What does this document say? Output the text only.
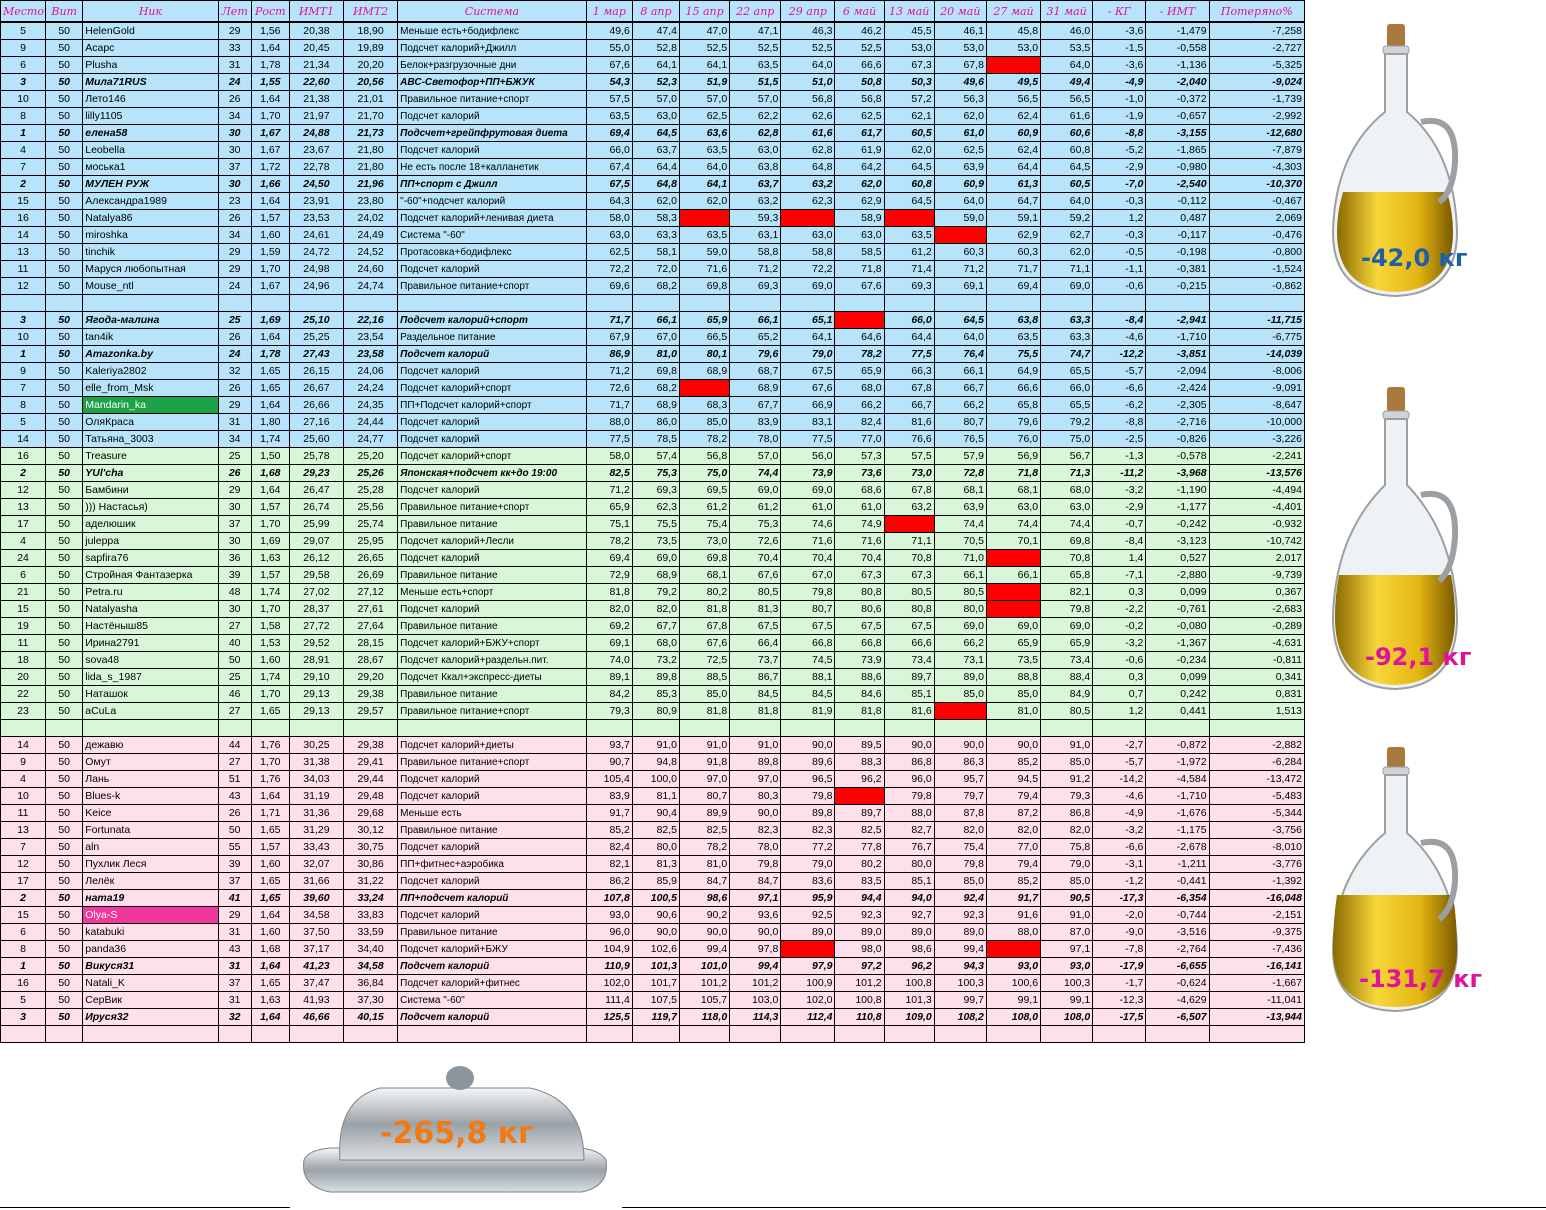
Место	Вит	Ник	Лет	Рост	ИМТ1	ИМТ2	Система	1 мар	8 апр	15 апр	22 апр	29 апр	6 май	13 май	20 май	27 май	31 май	- КГ	- ИМТ	Потеряно%
5	50	HelenGold	29	1,56	20,38	18,90	Меньше есть+бодифлекс	49,6	47,4	47,0	47,1	46,3	46,2	45,5	46,1	45,8	46,0	-3,6	-1,479	-7,258
9	50	Асарс	33	1,64	20,45	19,89	Подсчет калорий+Джилл	55,0	52,8	52,5	52,5	52,5	52,5	53,0	53,0	53,0	53,5	-1,5	-0,558	-2,727
6	50	Plusha	31	1,78	21,34	20,20	Белок+разгрузочные дни	67,6	64,1	64,1	63,5	64,0	66,6	67,3	67,8		64,0	-3,6	-1,136	-5,325
3	50	Мила71RUS	24	1,55	22,60	20,56	АВС-Светофор+ПП+БЖУК	54,3	52,3	51,9	51,5	51,0	50,8	50,3	49,6	49,5	49,4	-4,9	-2,040	-9,024
10	50	Лето146	26	1,64	21,38	21,01	Правильное питание+спорт	57,5	57,0	57,0	57,0	56,8	56,8	57,2	56,3	56,5	56,5	-1,0	-0,372	-1,739
8	50	lilly1105	34	1,70	21,97	21,70	Подсчет калорий	63,5	63,0	62,5	62,2	62,6	62,5	62,1	62,0	62,4	61,6	-1,9	-0,657	-2,992
1	50	елена58	30	1,67	24,88	21,73	Подсчет+грейпфрутовая диета	69,4	64,5	63,6	62,8	61,6	61,7	60,5	61,0	60,9	60,6	-8,8	-3,155	-12,680
4	50	Leobella	30	1,67	23,67	21,80	Подсчет калорий	66,0	63,7	63,5	63,0	62,8	61,9	62,0	62,5	62,4	60,8	-5,2	-1,865	-7,879
7	50	моська1	37	1,72	22,78	21,80	Не есть после 18+калланетик	67,4	64,4	64,0	63,8	64,8	64,2	64,5	63,9	64,4	64,5	-2,9	-0,980	-4,303
2	50	МУЛЕН РУЖ	30	1,66	24,50	21,96	ПП+спорт с Джилл	67,5	64,8	64,1	63,7	63,2	62,0	60,8	60,9	61,3	60,5	-7,0	-2,540	-10,370
15	50	Александра1989	23	1,64	23,91	23,80	"-60"+подсчет калорий	64,3	62,0	62,0	63,2	62,3	62,9	64,5	64,0	64,7	64,0	-0,3	-0,112	-0,467
16	50	Natalya86	26	1,57	23,53	24,02	Подсчет калорий+ленивая диета	58,0	58,3		59,3		58,9		59,0	59,1	59,2	1,2	0,487	2,069
14	50	miroshka	34	1,60	24,61	24,49	Система "-60"	63,0	63,3	63,5	63,1	63,0	63,0	63,5		62,9	62,7	-0,3	-0,117	-0,476
13	50	tinchik	29	1,59	24,72	24,52	Протасовка+бодифлекс	62,5	58,1	59,0	58,8	58,8	58,5	61,2	60,3	60,3	62,0	-0,5	-0,198	-0,800
11	50	Маруся любопытная	29	1,70	24,98	24,60	Подсчет калорий	72,2	72,0	71,6	71,2	72,2	71,8	71,4	71,2	71,7	71,1	-1,1	-0,381	-1,524
12	50	Mouse_ntl	24	1,67	24,96	24,74	Правильное питание+спорт	69,6	68,2	69,8	69,3	69,0	67,6	69,3	69,1	69,4	69,0	-0,6	-0,215	-0,862

3	50	Ягода-малина	25	1,69	25,10	22,16	Подсчет калорий+спорт	71,7	66,1	65,9	66,1	65,1		66,0	64,5	63,8	63,3	-8,4	-2,941	-11,715
10	50	tan4ik	26	1,64	25,25	23,54	Раздельное питание	67,9	67,0	66,5	65,2	64,1	64,6	64,4	64,0	63,5	63,3	-4,6	-1,710	-6,775
1	50	Amazonka.by	24	1,78	27,43	23,58	Подсчет калорий	86,9	81,0	80,1	79,6	79,0	78,2	77,5	76,4	75,5	74,7	-12,2	-3,851	-14,039
9	50	Kaleriya2802	32	1,65	26,15	24,06	Подсчет калорий	71,2	69,8	68,9	68,7	67,5	65,9	66,3	66,1	64,9	65,5	-5,7	-2,094	-8,006
7	50	elle_from_Msk	26	1,65	26,67	24,24	Подсчет калорий+спорт	72,6	68,2		68,9	67,6	68,0	67,8	66,7	66,6	66,0	-6,6	-2,424	-9,091
8	50	Mandarin_ka	29	1,64	26,66	24,35	ПП+Подсчет калорий+спорт	71,7	68,9	68,3	67,7	66,9	66,2	66,7	66,2	65,8	65,5	-6,2	-2,305	-8,647
5	50	ОляКраса	31	1,80	27,16	24,44	Подсчет калорий	88,0	86,0	85,0	83,9	83,1	82,4	81,6	80,7	79,6	79,2	-8,8	-2,716	-10,000
14	50	Татьяна_3003	34	1,74	25,60	24,77	Подсчет калорий	77,5	78,5	78,2	78,0	77,5	77,0	76,6	76,5	76,0	75,0	-2,5	-0,826	-3,226
16	50	Treasure	25	1,50	25,78	25,20	Подсчет калорий+спорт	58,0	57,4	56,8	57,0	56,0	57,3	57,5	57,9	56,9	56,7	-1,3	-0,578	-2,241
2	50	YUl'cha	26	1,68	29,23	25,26	Японская+подсчет кк+до 19:00	82,5	75,3	75,0	74,4	73,9	73,6	73,0	72,8	71,8	71,3	-11,2	-3,968	-13,576
12	50	Бамбини	29	1,64	26,47	25,28	Подсчет калорий	71,2	69,3	69,5	69,0	69,0	68,6	67,8	68,1	68,1	68,0	-3,2	-1,190	-4,494
13	50	))) Настасья)	30	1,57	26,74	25,56	Правильное питание+спорт	65,9	62,3	61,2	61,2	61,0	61,0	63,2	63,9	63,0	63,0	-2,9	-1,177	-4,401
17	50	аделюшик	37	1,70	25,99	25,74	Правильное питание	75,1	75,5	75,4	75,3	74,6	74,9		74,4	74,4	74,4	-0,7	-0,242	-0,932
4	50	juleppa	30	1,69	29,07	25,95	Подсчет калорий+Лесли	78,2	73,5	73,0	72,6	71,6	71,6	71,1	70,5	70,1	69,8	-8,4	-3,123	-10,742
24	50	sapfira76	36	1,63	26,12	26,65	Подсчет калорий	69,4	69,0	69,8	70,4	70,4	70,4	70,8	71,0		70,8	1,4	0,527	2,017
6	50	Стройная Фантазерка	39	1,57	29,58	26,69	Правильное питание	72,9	68,9	68,1	67,6	67,0	67,3	67,3	66,1	66,1	65,8	-7,1	-2,880	-9,739
21	50	Petra.ru	48	1,74	27,02	27,12	Меньше есть+спорт	81,8	79,2	80,2	80,5	79,8	80,8	80,5	80,5		82,1	0,3	0,099	0,367
15	50	Natalyasha	30	1,70	28,37	27,61	Подсчет калорий	82,0	82,0	81,8	81,3	80,7	80,6	80,8	80,0		79,8	-2,2	-0,761	-2,683
19	50	Настёныш85	27	1,58	27,72	27,64	Правильное питание	69,2	67,7	67,8	67,5	67,5	67,5	67,5	69,0	69,0	69,0	-0,2	-0,080	-0,289
11	50	Ирина2791	40	1,53	29,52	28,15	Подсчет калорий+БЖУ+спорт	69,1	68,0	67,6	66,4	66,8	66,8	66,6	66,2	65,9	65,9	-3,2	-1,367	-4,631
18	50	sova48	50	1,60	28,91	28,67	Подсчет калорий+раздельн.пит.	74,0	73,2	72,5	73,7	74,5	73,9	73,4	73,1	73,5	73,4	-0,6	-0,234	-0,811
20	50	lida_s_1987	25	1,74	29,10	29,20	Подсчет Ккал+экспресс-диеты	89,1	89,8	88,5	86,7	88,1	88,6	89,7	89,0	88,8	88,4	0,3	0,099	0,341
22	50	Наташок	46	1,70	29,13	29,38	Правильное питание	84,2	85,3	85,0	84,5	84,5	84,6	85,1	85,0	85,0	84,9	0,7	0,242	0,831
23	50	aCuLa	27	1,65	29,13	29,57	Правильное питание+спорт	79,3	80,9	81,8	81,8	81,9	81,8	81,6		81,0	80,5	1,2	0,441	1,513

14	50	дежавю	44	1,76	30,25	29,38	Подсчет калорий+диеты	93,7	91,0	91,0	91,0	90,0	89,5	90,0	90,0	90,0	91,0	-2,7	-0,872	-2,882
9	50	Омут	27	1,70	31,38	29,41	Правильное питание+спорт	90,7	94,8	91,8	89,8	89,6	88,3	86,8	86,3	85,2	85,0	-5,7	-1,972	-6,284
4	50	Лань	51	1,76	34,03	29,44	Подсчет калорий	105,4	100,0	97,0	97,0	96,5	96,2	96,0	95,7	94,5	91,2	-14,2	-4,584	-13,472
10	50	Blues-k	43	1,64	31,19	29,48	Подсчет калорий	83,9	81,1	80,7	80,3	79,8		79,8	79,7	79,4	79,3	-4,6	-1,710	-5,483
11	50	Keice	26	1,71	31,36	29,68	Меньше есть	91,7	90,4	89,9	90,0	89,8	89,7	88,0	87,8	87,2	86,8	-4,9	-1,676	-5,344
13	50	Fortunata	50	1,65	31,29	30,12	Правильное питание	85,2	82,5	82,5	82,3	82,3	82,5	82,7	82,0	82,0	82,0	-3,2	-1,175	-3,756
7	50	aln	55	1,57	33,43	30,75	Подсчет калорий	82,4	80,0	78,2	78,0	77,2	77,8	76,7	75,4	77,0	75,8	-6,6	-2,678	-8,010
12	50	Пухлик Леся	39	1,60	32,07	30,86	ПП+фитнес+аэробика	82,1	81,3	81,0	79,8	79,0	80,2	80,0	79,8	79,4	79,0	-3,1	-1,211	-3,776
17	50	Лелёк	37	1,65	31,66	31,22	Подсчет калорий	86,2	85,9	84,7	84,7	83,6	83,5	85,1	85,0	85,2	85,0	-1,2	-0,441	-1,392
2	50	ната19	41	1,65	39,60	33,24	ПП+подсчет калорий	107,8	100,5	98,6	97,1	95,9	94,4	94,0	92,4	91,7	90,5	-17,3	-6,354	-16,048
15	50	Olya-S	29	1,64	34,58	33,83	Подсчет калорий	93,0	90,6	90,2	93,6	92,5	92,3	92,7	92,3	91,6	91,0	-2,0	-0,744	-2,151
6	50	katabuki	31	1,60	37,50	33,59	Правильное питание	96,0	90,0	90,0	90,0	89,0	89,0	89,0	89,0	88,0	87,0	-9,0	-3,516	-9,375
8	50	panda36	43	1,68	37,17	34,40	Подсчет калорий+БЖУ	104,9	102,6	99,4	97,8		98,0	98,6	99,4		97,1	-7,8	-2,764	-7,436
1	50	Викуся31	31	1,64	41,23	34,58	Подсчет калорий	110,9	101,3	101,0	99,4	97,9	97,2	96,2	94,3	93,0	93,0	-17,9	-6,655	-16,141
16	50	Natali_K	37	1,65	37,47	36,84	Подсчет калорий+фитнес	102,0	101,7	101,2	101,2	100,9	101,2	100,8	100,3	100,6	100,3	-1,7	-0,624	-1,667
5	50	СерВик	31	1,63	41,93	37,30	Система "-60"	111,4	107,5	105,7	103,0	102,0	100,8	101,3	99,7	99,1	99,1	-12,3	-4,629	-11,041
3	50	Ируся32	32	1,64	46,66	40,15	Подсчет калорий	125,5	119,7	118,0	114,3	112,4	110,8	109,0	108,2	108,0	108,0	-17,5	-6,507	-13,944

-42,0 кг
-92,1 кг
-131,7 кг
-265,8 кг
